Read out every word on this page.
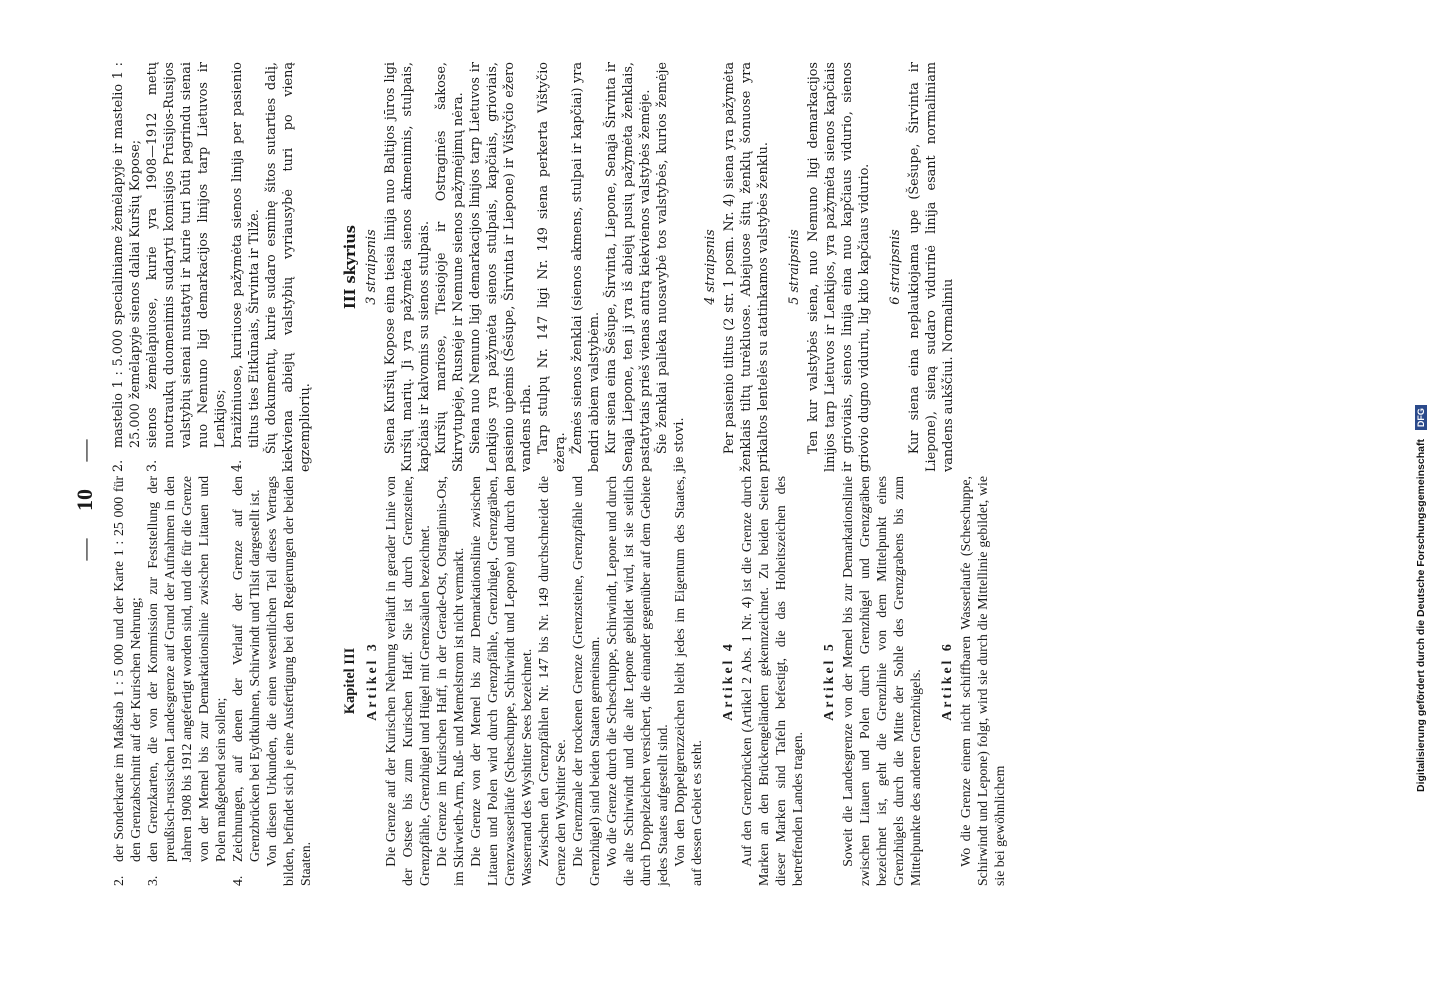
— 10 —
2.
der Sonderkarte im Maßstab 1 : 5 000 und der Karte 1 : 25 000 für den Grenzabschnitt auf der Kurischen Nehrung;
3.
den Grenzkarten, die von der Kommission zur Feststellung der preußisch-russischen Landesgrenze auf Grund der Aufnahmen in den Jahren 1908 bis 1912 angefertigt worden sind, und die für die Grenze von der Memel bis zur Demarkationslinie zwischen Litauen und Polen maßgebend sein sollen;
4.
Zeichnungen, auf denen der Verlauf der Grenze auf den Grenzbrücken bei Eydtkuhnen, Schirwindt und Tilsit dargestellt ist. Von diesen Urkunden, die einen wesentlichen Teil dieses Vertrags bilden, befindet sich je eine Ausfertigung bei den Regierungen der beiden Staaten.

Kapitel III Artikel 3 Die Grenze auf der Kurischen Nehrung verläuft in gerader Linie von der Ostsee bis zum Kurischen Haff. Sie ist durch Grenzsteine, Grenzpfähle, Grenzhügel und Hügel mit Grenzsäulen bezeichnet. Die Grenze im Kurischen Haff, in der Gerade-Ost, Ostraginnis-Ost, im Skirwieth-Arm, Ruß- und Memelstrom ist nicht vermarkt. Die Grenze von der Memel bis zur Demarkationslinie zwischen Litauen und Polen wird durch Grenzpfähle, Grenzhügel, Grenzgräben, Grenzwasserläufe (Scheschuppe, Schirwindt und Lepone) und durch den Wasserrand des Wyshtiter Sees bezeichnet. Zwischen den Grenzpfählen Nr. 147 bis Nr. 149 durchschneidet die Grenze den Wyshtiter See. Die Grenzmale der trockenen Grenze (Grenzsteine, Grenzpfähle und Grenzhügel) sind beiden Staaten gemeinsam. Wo die Grenze durch die Scheschuppe, Schirwindt, Lepone und durch die alte Schirwindt und die alte Lepone gebildet wird, ist sie seitlich durch Doppelzeichen versichert, die einander gegenüber auf dem Gebiete jedes Staates aufgestellt sind. Von den Doppelgrenzzeichen bleibt jedes im Eigentum des Staates, auf dessen Gebiet es steht.

Artikel 4 Auf den Grenzbrücken (Artikel 2 Abs. 1 Nr. 4) ist die Grenze durch Marken an den Brückengeländern gekennzeichnet. Zu beiden Seiten dieser Marken sind Tafeln befestigt, die das Hoheitszeichen des betreffenden Landes tragen.

Artikel 5 Soweit die Landesgrenze von der Memel bis zur Demarkationslinie zwischen Litauen und Polen durch Grenzhügel und Grenzgräben bezeichnet ist, geht die Grenzlinie von dem Mittelpunkt eines Grenzhügels durch die Mitte der Sohle des Grenzgrabens bis zum Mittelpunkte des anderen Grenzhügels. Artikel 6 Wo die Grenze einem nicht schiffbaren Wasserlaufe (Scheschuppe, Schirwindt und Lepone) folgt, wird sie durch die Mittellinie gebildet, wie sie bei gewöhnlichem

2.
mastelio 1 : 5.000 specialiniame žemėlapyje ir mastelio 1 : 25.000 žemėlapyje sienos daliai Kuršių Kopose;
3.
sienos žemėlapiuose, kurie yra 1908—1912 metų nuotraukų duomenimis sudaryti komisijos Prūsijos-Rusijos valstybių sienai nustatyti ir kurie turi būti pagrindu sienai nuo Nemuno ligi demarkacijos linijos tarp Lietuvos ir Lenkijos;
4.
braižiniuose, kuriuose pažymėta sienos linija per pasienio tiltus ties Eitkūnais, Širvinta ir Tilže. Šių dokumentų, kurie sudaro esminę šitos sutarties dalį, kiekviena abiejų valstybių vyriausybė turi po vieną egzempliorių.

III skyrius 3 straipsnis Siena Kuršių Kopose eina tiesia linija nuo Baltijos jūros ligi Kuršių marių. Ji yra pažymėta sienos akmenimis, stulpais, kapčiais ir kalvomis su sienos stulpais. Kuršių mariose, Tiesiojoje ir Ostraginės šakose, Skirvytupėje, Rusnėje ir Nemune sienos pažymėjimų nėra. Siena nuo Nemuno ligi demarkacijos linijos tarp Lietuvos ir Lenkijos yra pažymėta sienos stulpais, kapčiais, grioviais, pasienio upėmis (Šešupe, Širvinta ir Liepone) ir Vištyčio ežero vandens riba. Tarp stulpų Nr. 147 ligi Nr. 149 siena perkerta Vištyčio ežerą. Žemės sienos ženklai (sienos akmens, stulpai ir kapčiai) yra bendri abiem valstybėm. Kur siena eina Šešupe, Širvinta, Liepone, Senąja Širvinta ir Senąja Liepone, ten ji yra iš abiejų pusių pažymėta ženklais, pastatytais prieš vienas antrą kiekvienos valstybės žemėje. Šie ženklai palieka nuosavybė tos valstybės, kurios žemėje jie stovi.

4 straipsnis Per pasienio tiltus (2 str. 1 posm. Nr. 4) siena yra pažymėta ženklais tiltų turėkluose. Abiejuose šitų ženklų šonuose yra prikaltos lentelės su atatinkamos valstybės ženklu. 5 straipsnis Ten kur valstybės siena, nuo Nemuno ligi demarkacijos linijos tarp Lietuvos ir Lenkijos, yra pažymėta sienos kapčiais ir grioviais, sienos linija eina nuo kapčiaus vidurio, sienos griovio dugno viduriu, lig kito kapčiaus vidurio. 6 straipsnis Kur siena eina neplaukiojama upe (Šešupe, Širvinta ir Liepone), sieną sudaro vidurinė linija esant normaliniam vandens aukščiui. Normaliniu

Digitalisierung gefördert durch die Deutsche Forschungsgemeinschaft DFG
